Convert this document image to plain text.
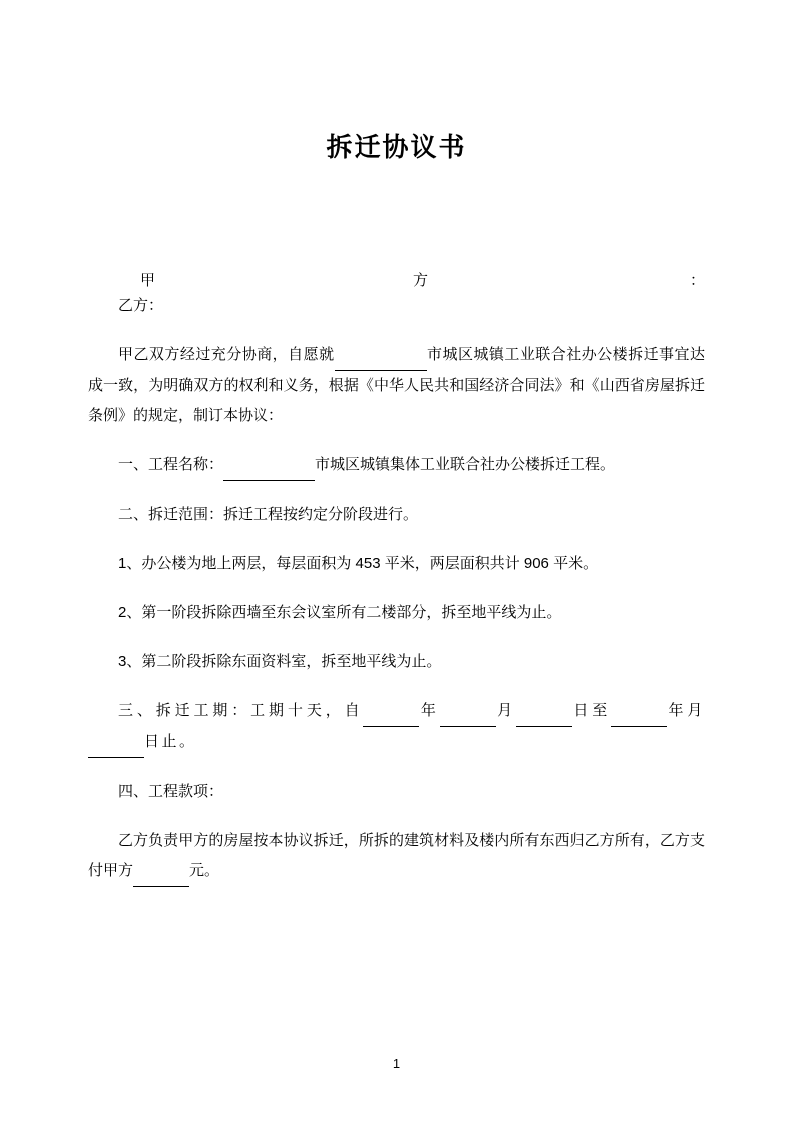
拆迁协议书
甲	方	：

乙方：

甲乙双方经过充分协商，自愿就	市城区城镇工业联合社办公楼拆迁事宜达成一致，为明确双方的权利和义务，根据《中华人民共和国经济合同法》和《山西省房屋拆迁条例》的规定，制订本协议：

一、工程名称：	市城区城镇集体工业联合社办公楼拆迁工程。

二、拆迁范围：拆迁工程按约定分阶段进行。

1、办公楼为地上两层，每层面积为 453 平米，两层面积共计 906 平米。

2、第一阶段拆除西墙至东会议室所有二楼部分，拆至地平线为止。

3、第二阶段拆除东面资料室，拆至地平线为止。

三、拆迁工期：工期十天，自	年	月	日至	年月 日止。

四、工程款项：

乙方负责甲方的房屋按本协议拆迁，所拆的建筑材料及楼内所有东西归乙方所有，乙方支付甲方	元。

1
